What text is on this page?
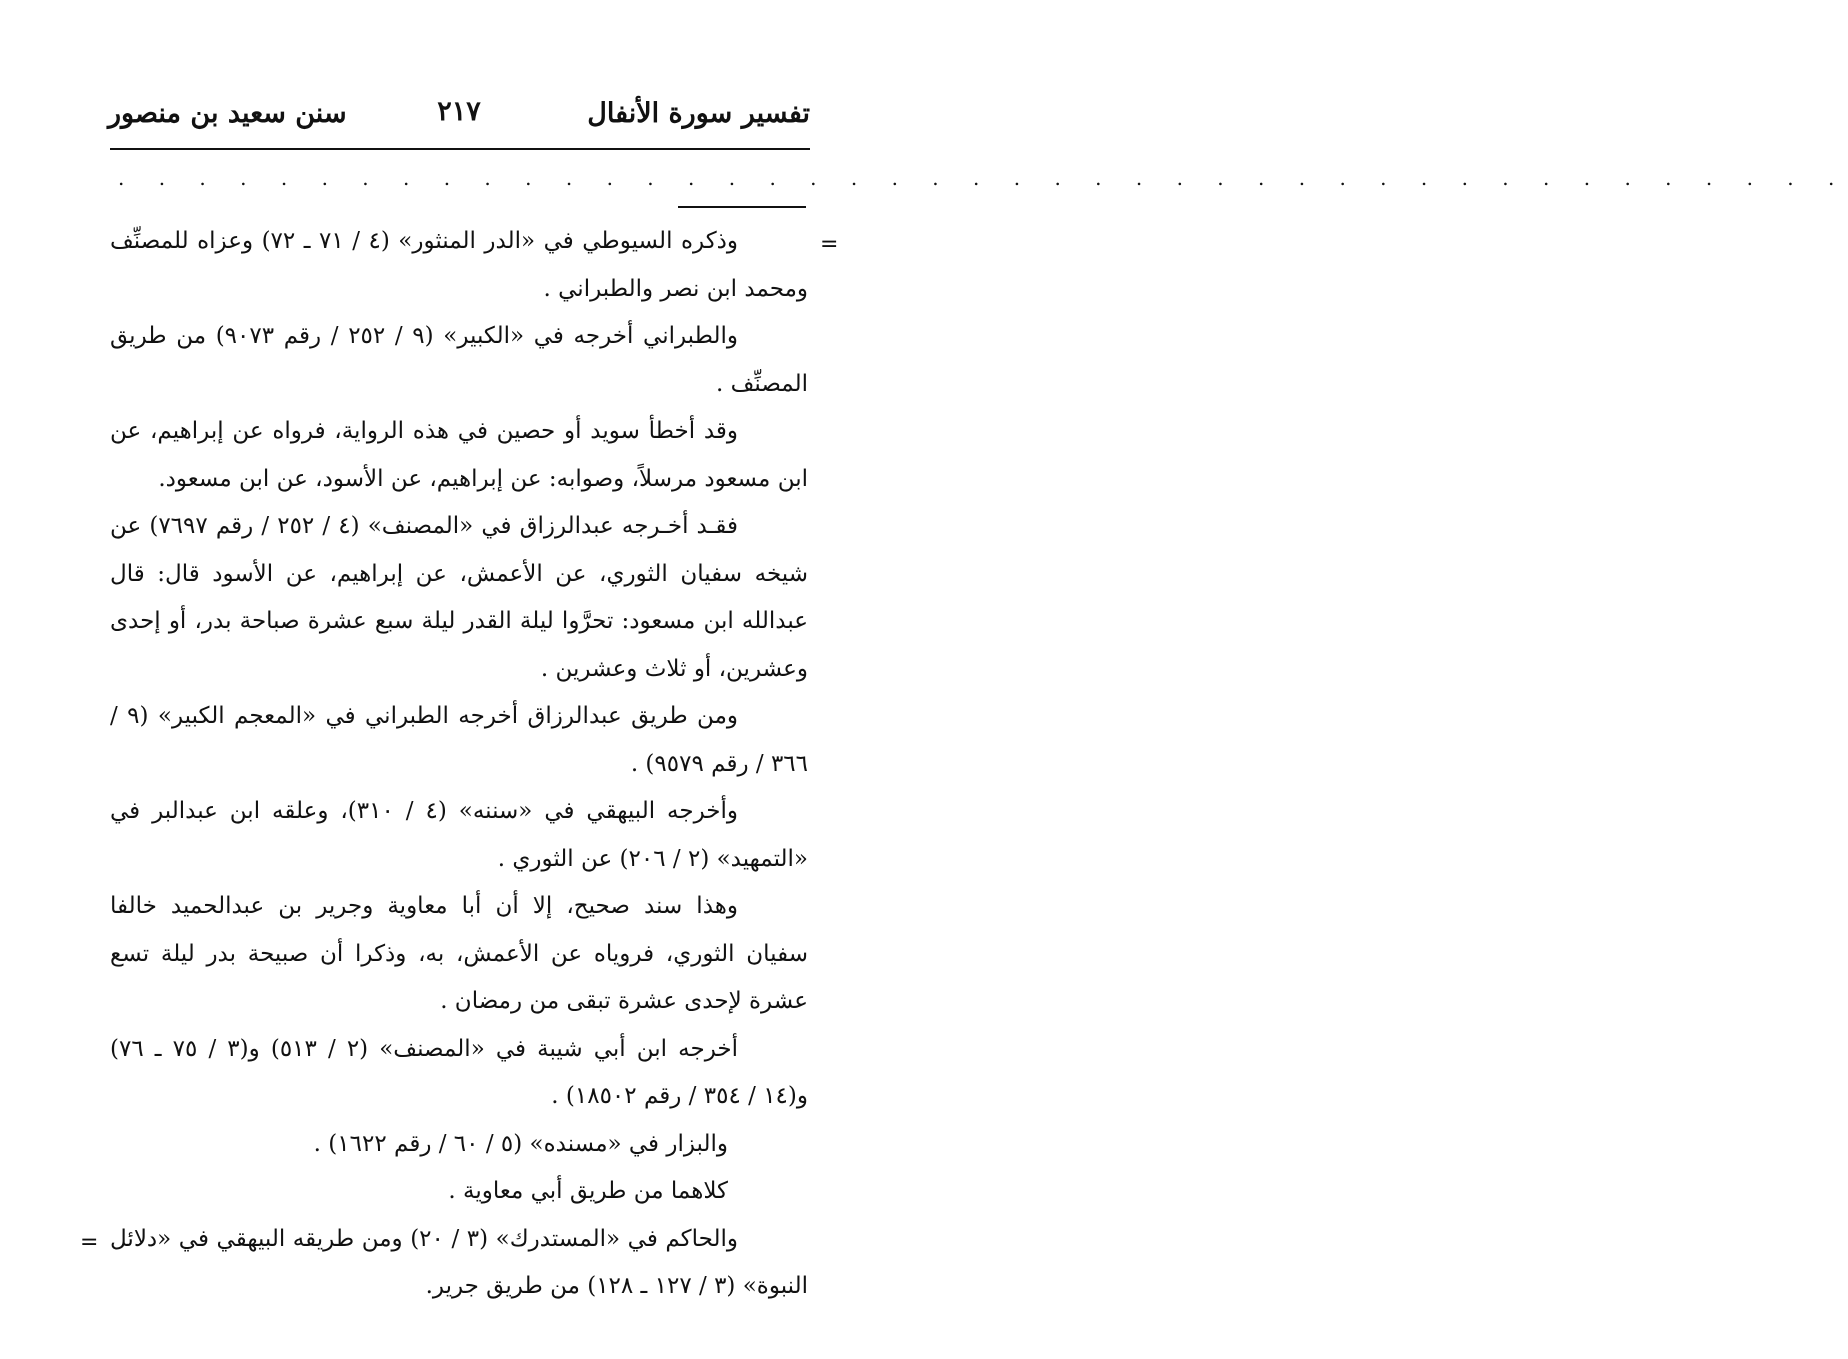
تفسير سورة الأنفال
٢١٧
سنن سعيد بن منصور
. . . . . . . . . . . . . . . . . . . . . . . . . . . . . . . . . . . . . . . . . . .
=
=

وذكره السيوطي في «الدر المنثور» (٤ / ٧١ ـ ٧٢) وعزاه للمصنِّف ومحمد ابن نصر والطبراني .

والطبراني أخرجه في «الكبير» (٩ / ٢٥٢ / رقم ٩٠٧٣) من طريق المصنِّف .

وقد أخطأ سويد أو حصين في هذه الرواية، فرواه عن إبراهيم، عن ابن مسعود مرسلاً، وصوابه: عن إبراهيم، عن الأسود، عن ابن مسعود.

فقـد أخـرجه عبدالرزاق في «المصنف» (٤ / ٢٥٢ / رقم ٧٦٩٧) عن شيخه سفيان الثوري، عن الأعمش، عن إبراهيم، عن الأسود قال: قال عبدالله ابن مسعود: تحرَّوا ليلة القدر ليلة سبع عشرة صباحة بدر، أو إحدى وعشرين، أو ثلاث وعشرين .

ومن طريق عبدالرزاق أخرجه الطبراني في «المعجم الكبير» (٩ / ٣٦٦ / رقم ٩٥٧٩) .

وأخرجه البيهقي في «سننه» (٤ / ٣١٠)، وعلقه ابن عبدالبر في «التمهيد» (٢ / ٢٠٦) عن الثوري .

وهذا سند صحيح، إلا أن أبا معاوية وجرير بن عبدالحميد خالفا سفيان الثوري، فروياه عن الأعمش، به، وذكرا أن صبيحة بدر ليلة تسع عشرة لإحدى عشرة تبقى من رمضان .

أخرجه ابن أبي شيبة في «المصنف» (٢ / ٥١٣) و(٣ / ٧٥ ـ ٧٦) و(١٤ / ٣٥٤ / رقم ١٨٥٠٢) .

والبزار في «مسنده» (٥ / ٦٠ / رقم ١٦٢٢) .

كلاهما من طريق أبي معاوية .

والحاكم في «المستدرك» (٣ / ٢٠) ومن طريقه البيهقي في «دلائل النبوة» (٣ / ١٢٧ ـ ١٢٨) من طريق جرير.
